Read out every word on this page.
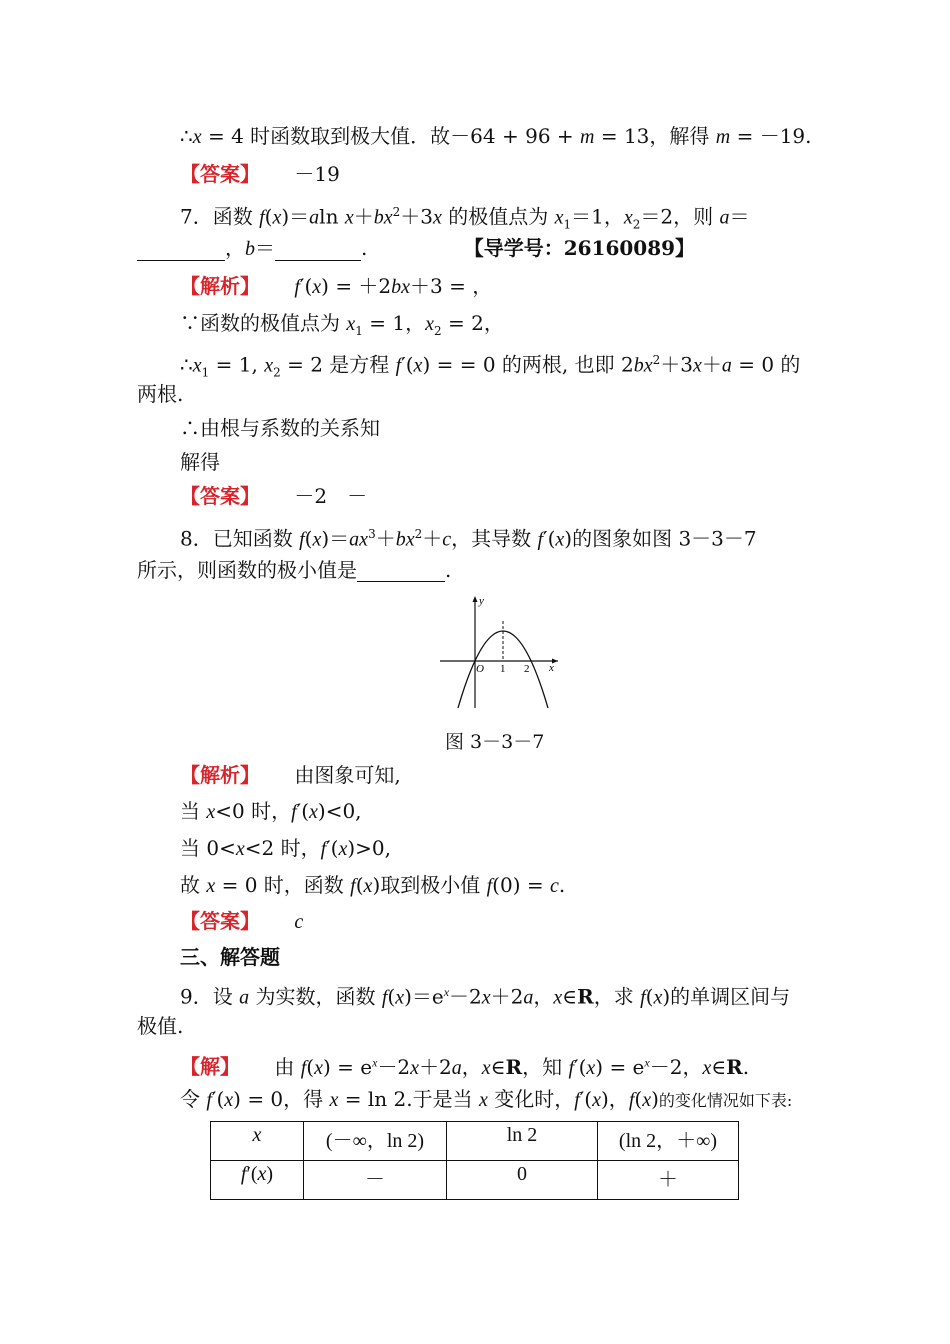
∴x = 4 时函数取到极大值．故－64 + 96 + m = 13，解得 m = －19.
【答案】 －19
7．函数 f(x)＝aln $x+bx^2+3x$ 的极值点为 $x_1=1$，$x_2=2$，则 a＝
，b＝	.	【导学号：26160089】
【解析】 f′(x) = ＋2bx＋3 = ，
∵函数的极值点为 $x_1 = 1$，$x_2 = 2$，
$\therefore x_1 = 1$, $x_2 = 2$ 是方程 f′(x) = = 0 的两根, 也即 $2bx^2+3x+a = 0$ 的
两根.
∴由根与系数的关系知
解得
【答案】 －2　－
8．已知函数 $f(x)=ax^3+bx^2+c$，其导数 f′(x)的图象如图 3－3－7
所示，则函数的极小值是	.
y
x
O 1 2
图 3－3－7
【解析】 由图象可知,
当 x<0 时，f′(x)<0,
当 0<x<2 时，f′(x)>0,
故 x = 0 时，函数 f(x)取到极小值 f(0) = c.
【答案】 c
三、解答题
9．设 a 为实数，函数 $f(x)=e^x-2x+2a$，x∈R，求 f(x)的单调区间与
极值.
【解】 由 $f(x) = e^x-2x+2a$，x∈R，知 $f'(x) = e^x-2$，x∈R.
令 f′(x) = 0，得 x = ln 2.于是当 x 变化时，f′(x)，f(x)的变化情况如下表:
x	(－∞，ln 2)	ln 2	(ln 2，＋∞)
f′(x)	－	0	＋
